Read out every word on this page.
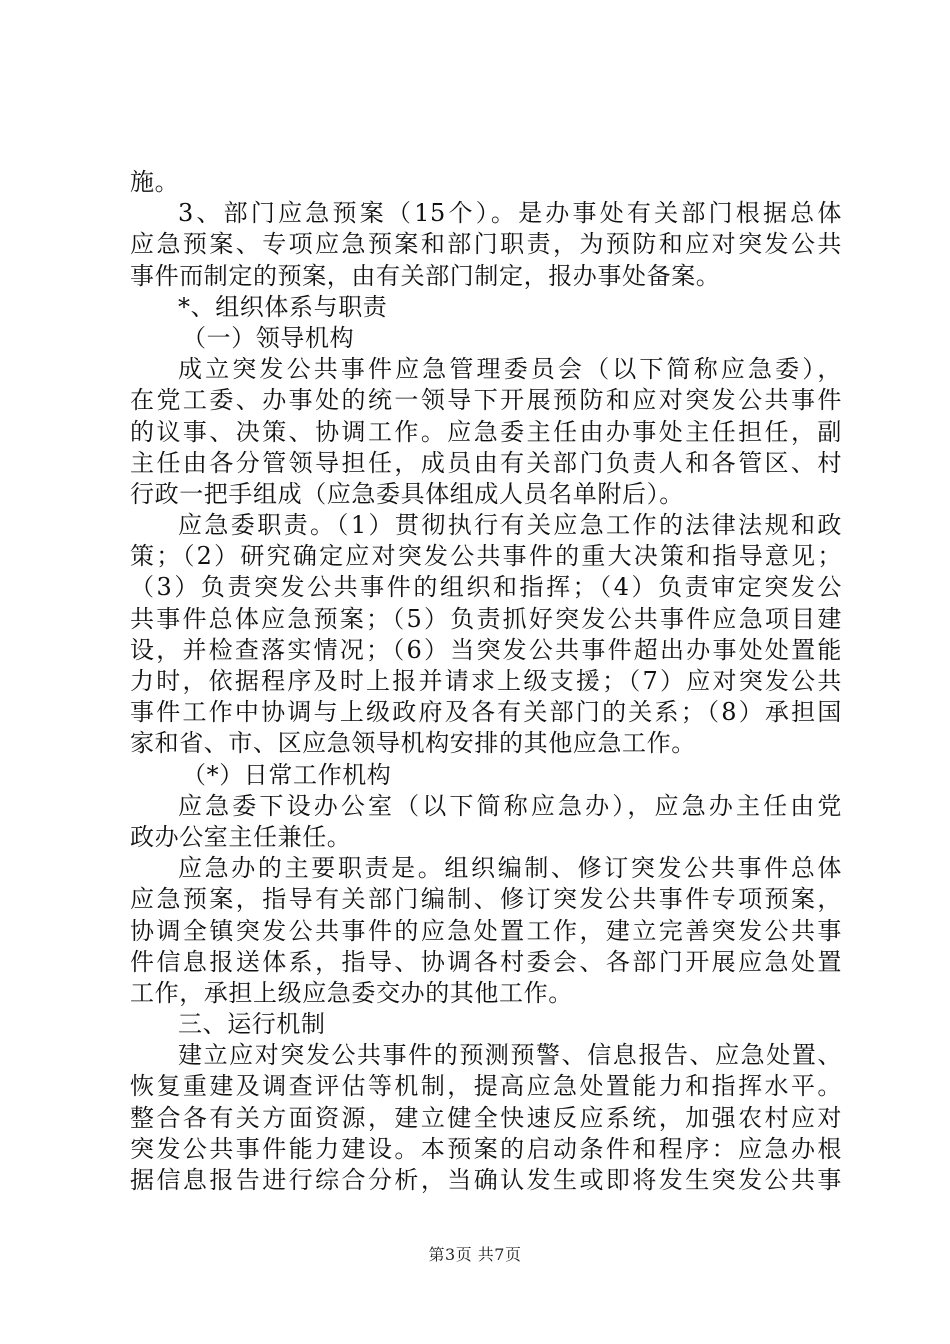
施。
3、部门应急预案（15个）。是办事处有关部门根据总体
应急预案、专项应急预案和部门职责，为预防和应对突发公共
事件而制定的预案，由有关部门制定，报办事处备案。
*、组织体系与职责
（一）领导机构
成立突发公共事件应急管理委员会（以下简称应急委），
在党工委、办事处的统一领导下开展预防和应对突发公共事件
的议事、决策、协调工作。应急委主任由办事处主任担任，副
主任由各分管领导担任，成员由有关部门负责人和各管区、村
行政一把手组成（应急委具体组成人员名单附后）。
应急委职责。（1）贯彻执行有关应急工作的法律法规和政
策；（2）研究确定应对突发公共事件的重大决策和指导意见；
（3）负责突发公共事件的组织和指挥；（4）负责审定突发公
共事件总体应急预案；（5）负责抓好突发公共事件应急项目建
设，并检查落实情况；（6）当突发公共事件超出办事处处置能
力时，依据程序及时上报并请求上级支援；（7）应对突发公共
事件工作中协调与上级政府及各有关部门的关系；（8）承担国
家和省、市、区应急领导机构安排的其他应急工作。
（*）日常工作机构
应急委下设办公室（以下简称应急办），应急办主任由党
政办公室主任兼任。
应急办的主要职责是。组织编制、修订突发公共事件总体
应急预案，指导有关部门编制、修订突发公共事件专项预案，
协调全镇突发公共事件的应急处置工作，建立完善突发公共事
件信息报送体系，指导、协调各村委会、各部门开展应急处置
工作，承担上级应急委交办的其他工作。
三、运行机制
建立应对突发公共事件的预测预警、信息报告、应急处置、
恢复重建及调查评估等机制，提高应急处置能力和指挥水平。
整合各有关方面资源，建立健全快速反应系统，加强农村应对
突发公共事件能力建设。本预案的启动条件和程序：应急办根
据信息报告进行综合分析，当确认发生或即将发生突发公共事
第3页 共7页
